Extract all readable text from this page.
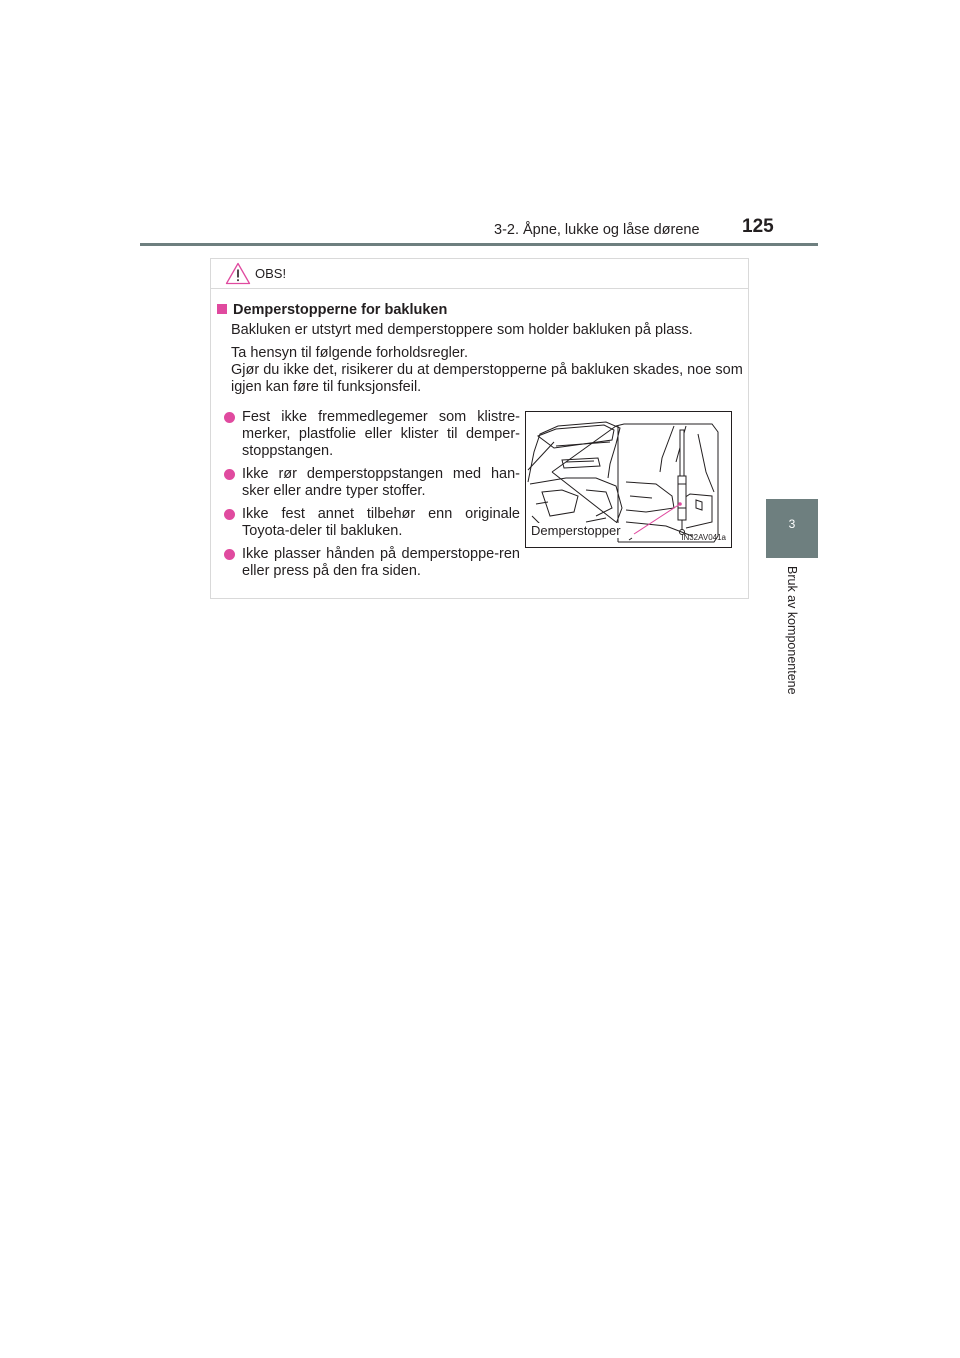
3-2. Åpne, lukke og låse dørene 125
3
Bruk av komponentene
OBS!
Demperstopperne for bakluken
Bakluken er utstyrt med demperstoppere som holder bakluken på plass.
Ta hensyn til følgende forholdsregler.
Gjør du ikke det, risikerer du at demperstopperne på bakluken skades, noe som igjen kan føre til funksjonsfeil.
Fest ikke fremmedlegemer som klistre-merker, plastfolie eller klister til demper-stoppstangen.
Ikke rør demperstoppstangen med han-sker eller andre typer stoffer.
Ikke fest annet tilbehør enn originale Toyota-deler til bakluken.
Ikke plasser hånden på demperstoppe-ren eller press på den fra siden.
Demperstopper	IN32AV041a
